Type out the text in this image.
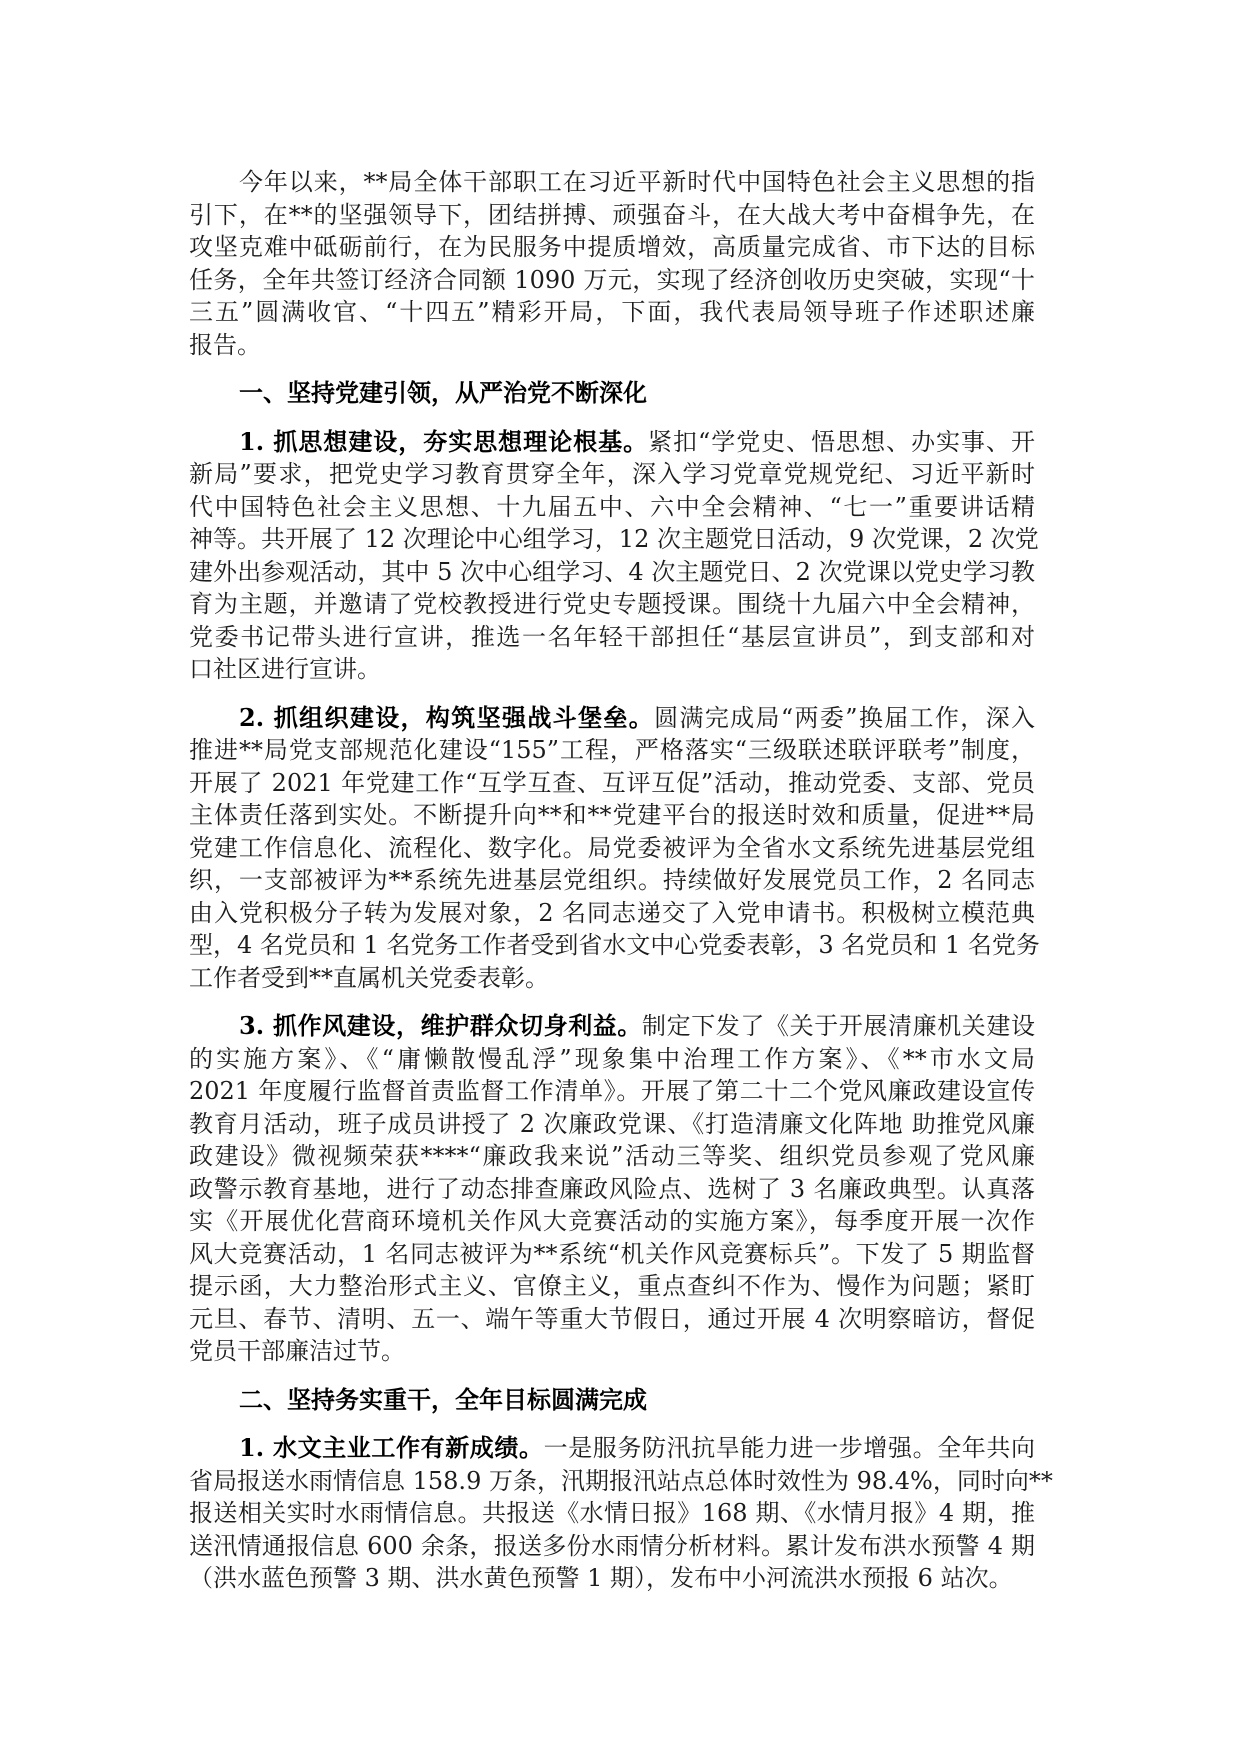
今年以来，**局全体干部职工在习近平新时代中国特色社会主义思想的指
引下，在**的坚强领导下，团结拼搏、顽强奋斗，在大战大考中奋楫争先，在
攻坚克难中砥砺前行，在为民服务中提质增效，高质量完成省、市下达的目标
任务，全年共签订经济合同额 1090 万元，实现了经济创收历史突破，实现“十
三五”圆满收官、“十四五”精彩开局，下面，我代表局领导班子作述职述廉
报告。
一、坚持党建引领，从严治党不断深化
1. 抓思想建设，夯实思想理论根基。紧扣“学党史、悟思想、办实事、开
新局”要求，把党史学习教育贯穿全年，深入学习党章党规党纪、习近平新时
代中国特色社会主义思想、十九届五中、六中全会精神、“七一”重要讲话精
神等。共开展了 12 次理论中心组学习，12 次主题党日活动，9 次党课，2 次党
建外出参观活动，其中 5 次中心组学习、4 次主题党日、2 次党课以党史学习教
育为主题，并邀请了党校教授进行党史专题授课。围绕十九届六中全会精神，
党委书记带头进行宣讲，推选一名年轻干部担任“基层宣讲员”，到支部和对
口社区进行宣讲。
2. 抓组织建设，构筑坚强战斗堡垒。圆满完成局“两委”换届工作，深入
推进**局党支部规范化建设“155”工程，严格落实“三级联述联评联考”制度，
开展了 2021 年党建工作“互学互查、互评互促”活动，推动党委、支部、党员
主体责任落到实处。不断提升向**和**党建平台的报送时效和质量，促进**局
党建工作信息化、流程化、数字化。局党委被评为全省水文系统先进基层党组
织，一支部被评为**系统先进基层党组织。持续做好发展党员工作，2 名同志
由入党积极分子转为发展对象，2 名同志递交了入党申请书。积极树立模范典
型，4 名党员和 1 名党务工作者受到省水文中心党委表彰，3 名党员和 1 名党务
工作者受到**直属机关党委表彰。
3. 抓作风建设，维护群众切身利益。制定下发了《关于开展清廉机关建设
的实施方案》、《“庸懒散慢乱浮”现象集中治理工作方案》、《**市水文局
2021 年度履行监督首责监督工作清单》。开展了第二十二个党风廉政建设宣传
教育月活动，班子成员讲授了 2 次廉政党课、《打造清廉文化阵地 助推党风廉
政建设》微视频荣获****“廉政我来说”活动三等奖、组织党员参观了党风廉
政警示教育基地，进行了动态排查廉政风险点、选树了 3 名廉政典型。认真落
实《开展优化营商环境机关作风大竞赛活动的实施方案》，每季度开展一次作
风大竞赛活动，1 名同志被评为**系统“机关作风竞赛标兵”。下发了 5 期监督
提示函，大力整治形式主义、官僚主义，重点查纠不作为、慢作为问题；紧盯
元旦、春节、清明、五一、端午等重大节假日，通过开展 4 次明察暗访，督促
党员干部廉洁过节。
二、坚持务实重干，全年目标圆满完成
1. 水文主业工作有新成绩。一是服务防汛抗旱能力进一步增强。全年共向
省局报送水雨情信息 158.9 万条，汛期报汛站点总体时效性为 98.4%，同时向**
报送相关实时水雨情信息。共报送《水情日报》168 期、《水情月报》4 期，推
送汛情通报信息 600 余条，报送多份水雨情分析材料。累计发布洪水预警 4 期
（洪水蓝色预警 3 期、洪水黄色预警 1 期），发布中小河流洪水预报 6 站次。
